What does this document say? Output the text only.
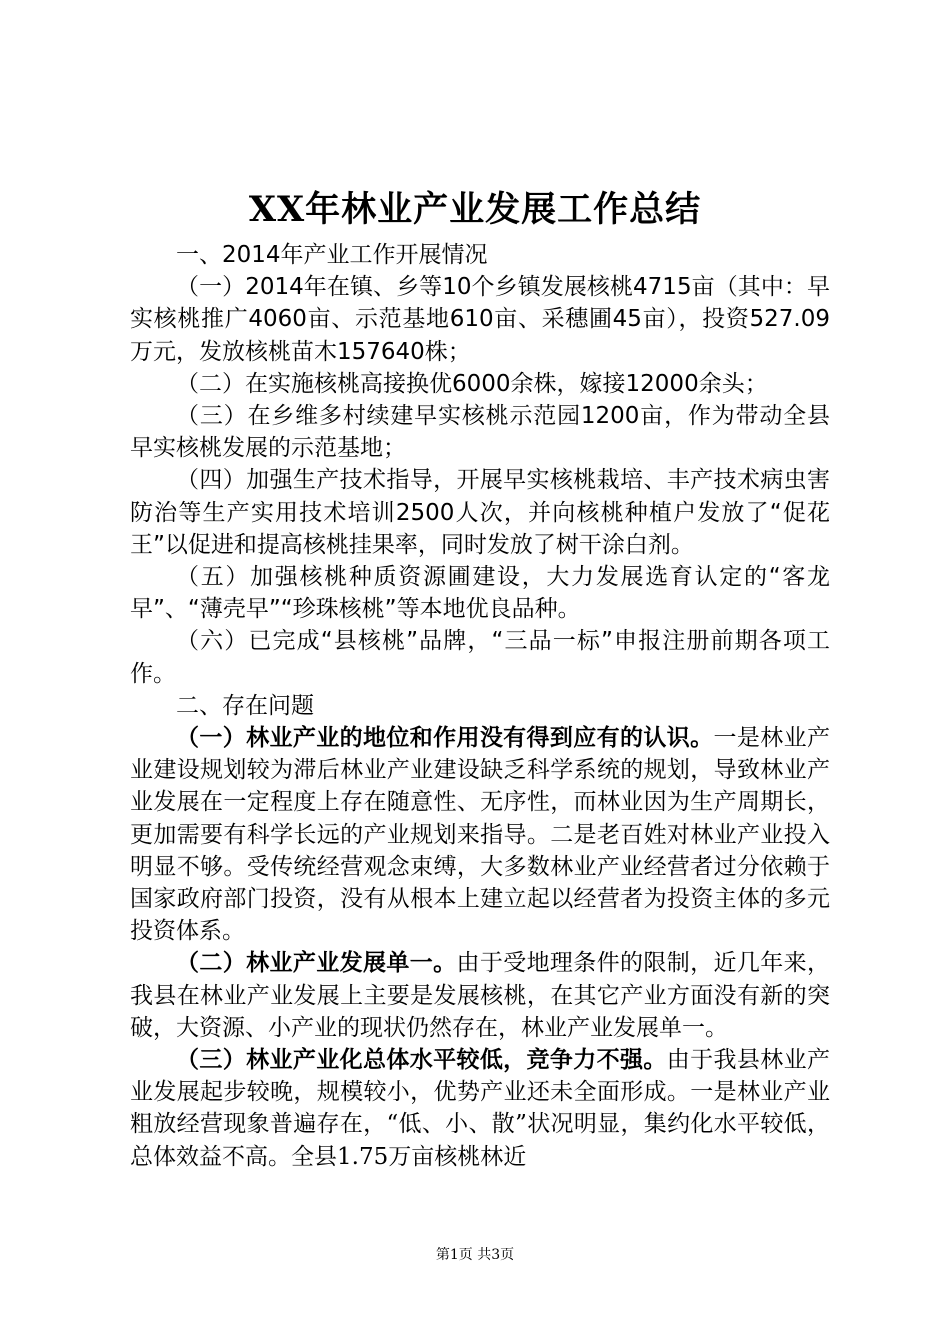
XX年林业产业发展工作总结

一、2014年产业工作开展情况

（一）2014年在镇、乡等10个乡镇发展核桃4715亩（其中：早实核桃推广4060亩、示范基地610亩、采穗圃45亩），投资527.09万元，发放核桃苗木157640株；

（二）在实施核桃高接换优6000余株，嫁接12000余头；

（三）在乡维多村续建早实核桃示范园1200亩，作为带动全县早实核桃发展的示范基地；

（四）加强生产技术指导，开展早实核桃栽培、丰产技术病虫害防治等生产实用技术培训2500人次，并向核桃种植户发放了“促花王”以促进和提高核桃挂果率，同时发放了树干涂白剂。

（五）加强核桃种质资源圃建设，大力发展选育认定的“客龙早”、“薄壳早”“珍珠核桃”等本地优良品种。

（六）已完成“县核桃”品牌，“三品一标”申报注册前期各项工作。

二、存在问题

（一）林业产业的地位和作用没有得到应有的认识。一是林业产业建设规划较为滞后林业产业建设缺乏科学系统的规划，导致林业产业发展在一定程度上存在随意性、无序性，而林业因为生产周期长，更加需要有科学长远的产业规划来指导。二是老百姓对林业产业投入明显不够。受传统经营观念束缚，大多数林业产业经营者过分依赖于国家政府部门投资，没有从根本上建立起以经营者为投资主体的多元投资体系。

（二）林业产业发展单一。由于受地理条件的限制，近几年来，我县在林业产业发展上主要是发展核桃，在其它产业方面没有新的突破，大资源、小产业的现状仍然存在，林业产业发展单一。

（三）林业产业化总体水平较低，竞争力不强。由于我县林业产业发展起步较晚，规模较小，优势产业还未全面形成。一是林业产业粗放经营现象普遍存在，“低、小、散”状况明显，集约化水平较低，总体效益不高。全县1.75万亩核桃林近

第1页 共3页
